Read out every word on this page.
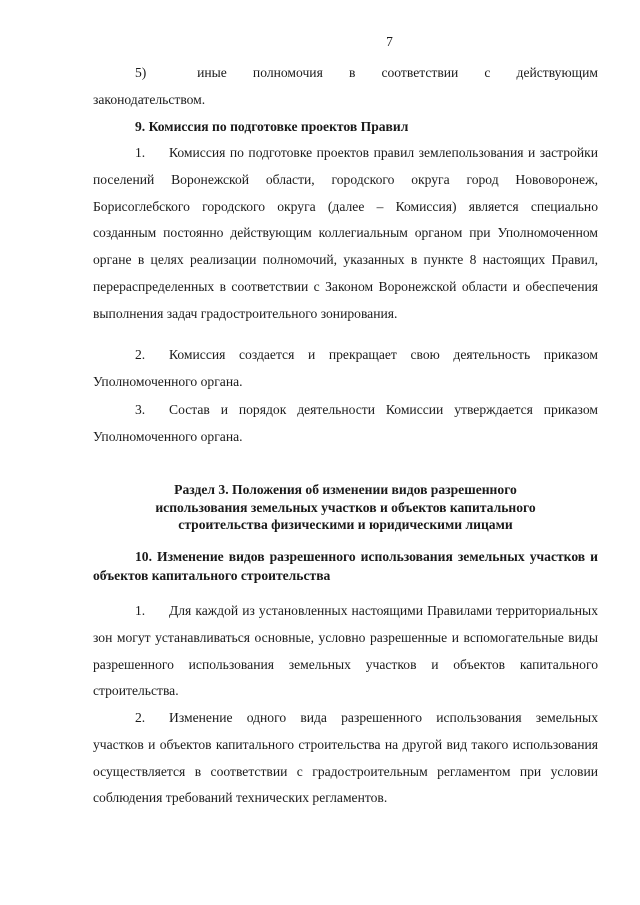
7
5)	иные полномочия в соответствии с действующим
законодательством.
9. Комиссия по подготовке проектов Правил
1. Комиссия по подготовке проектов правил землепользования и застройки поселений Воронежской области, городского округа город Нововоронеж, Борисоглебского городского округа (далее – Комиссия) является специально созданным постоянно действующим коллегиальным органом при Уполномоченном органе в целях реализации полномочий, указанных в пункте 8 настоящих Правил, перераспределенных в соответствии с Законом Воронежской области и обеспечения выполнения задач градостроительного зонирования.
2. Комиссия создается и прекращает свою деятельность приказом Уполномоченного органа.
3. Состав и порядок деятельности Комиссии утверждается приказом Уполномоченного органа.
Раздел 3. Положения об изменении видов разрешенного использования земельных участков и объектов капитального строительства физическими и юридическими лицами
10. Изменение видов разрешенного использования земельных участков и объектов капитального строительства
1. Для каждой из установленных настоящими Правилами территориальных зон могут устанавливаться основные, условно разрешенные и вспомогательные виды разрешенного использования земельных участков и объектов капитального строительства.
2. Изменение одного вида разрешенного использования земельных участков и объектов капитального строительства на другой вид такого использования осуществляется в соответствии с градостроительным регламентом при условии соблюдения требований технических регламентов.
